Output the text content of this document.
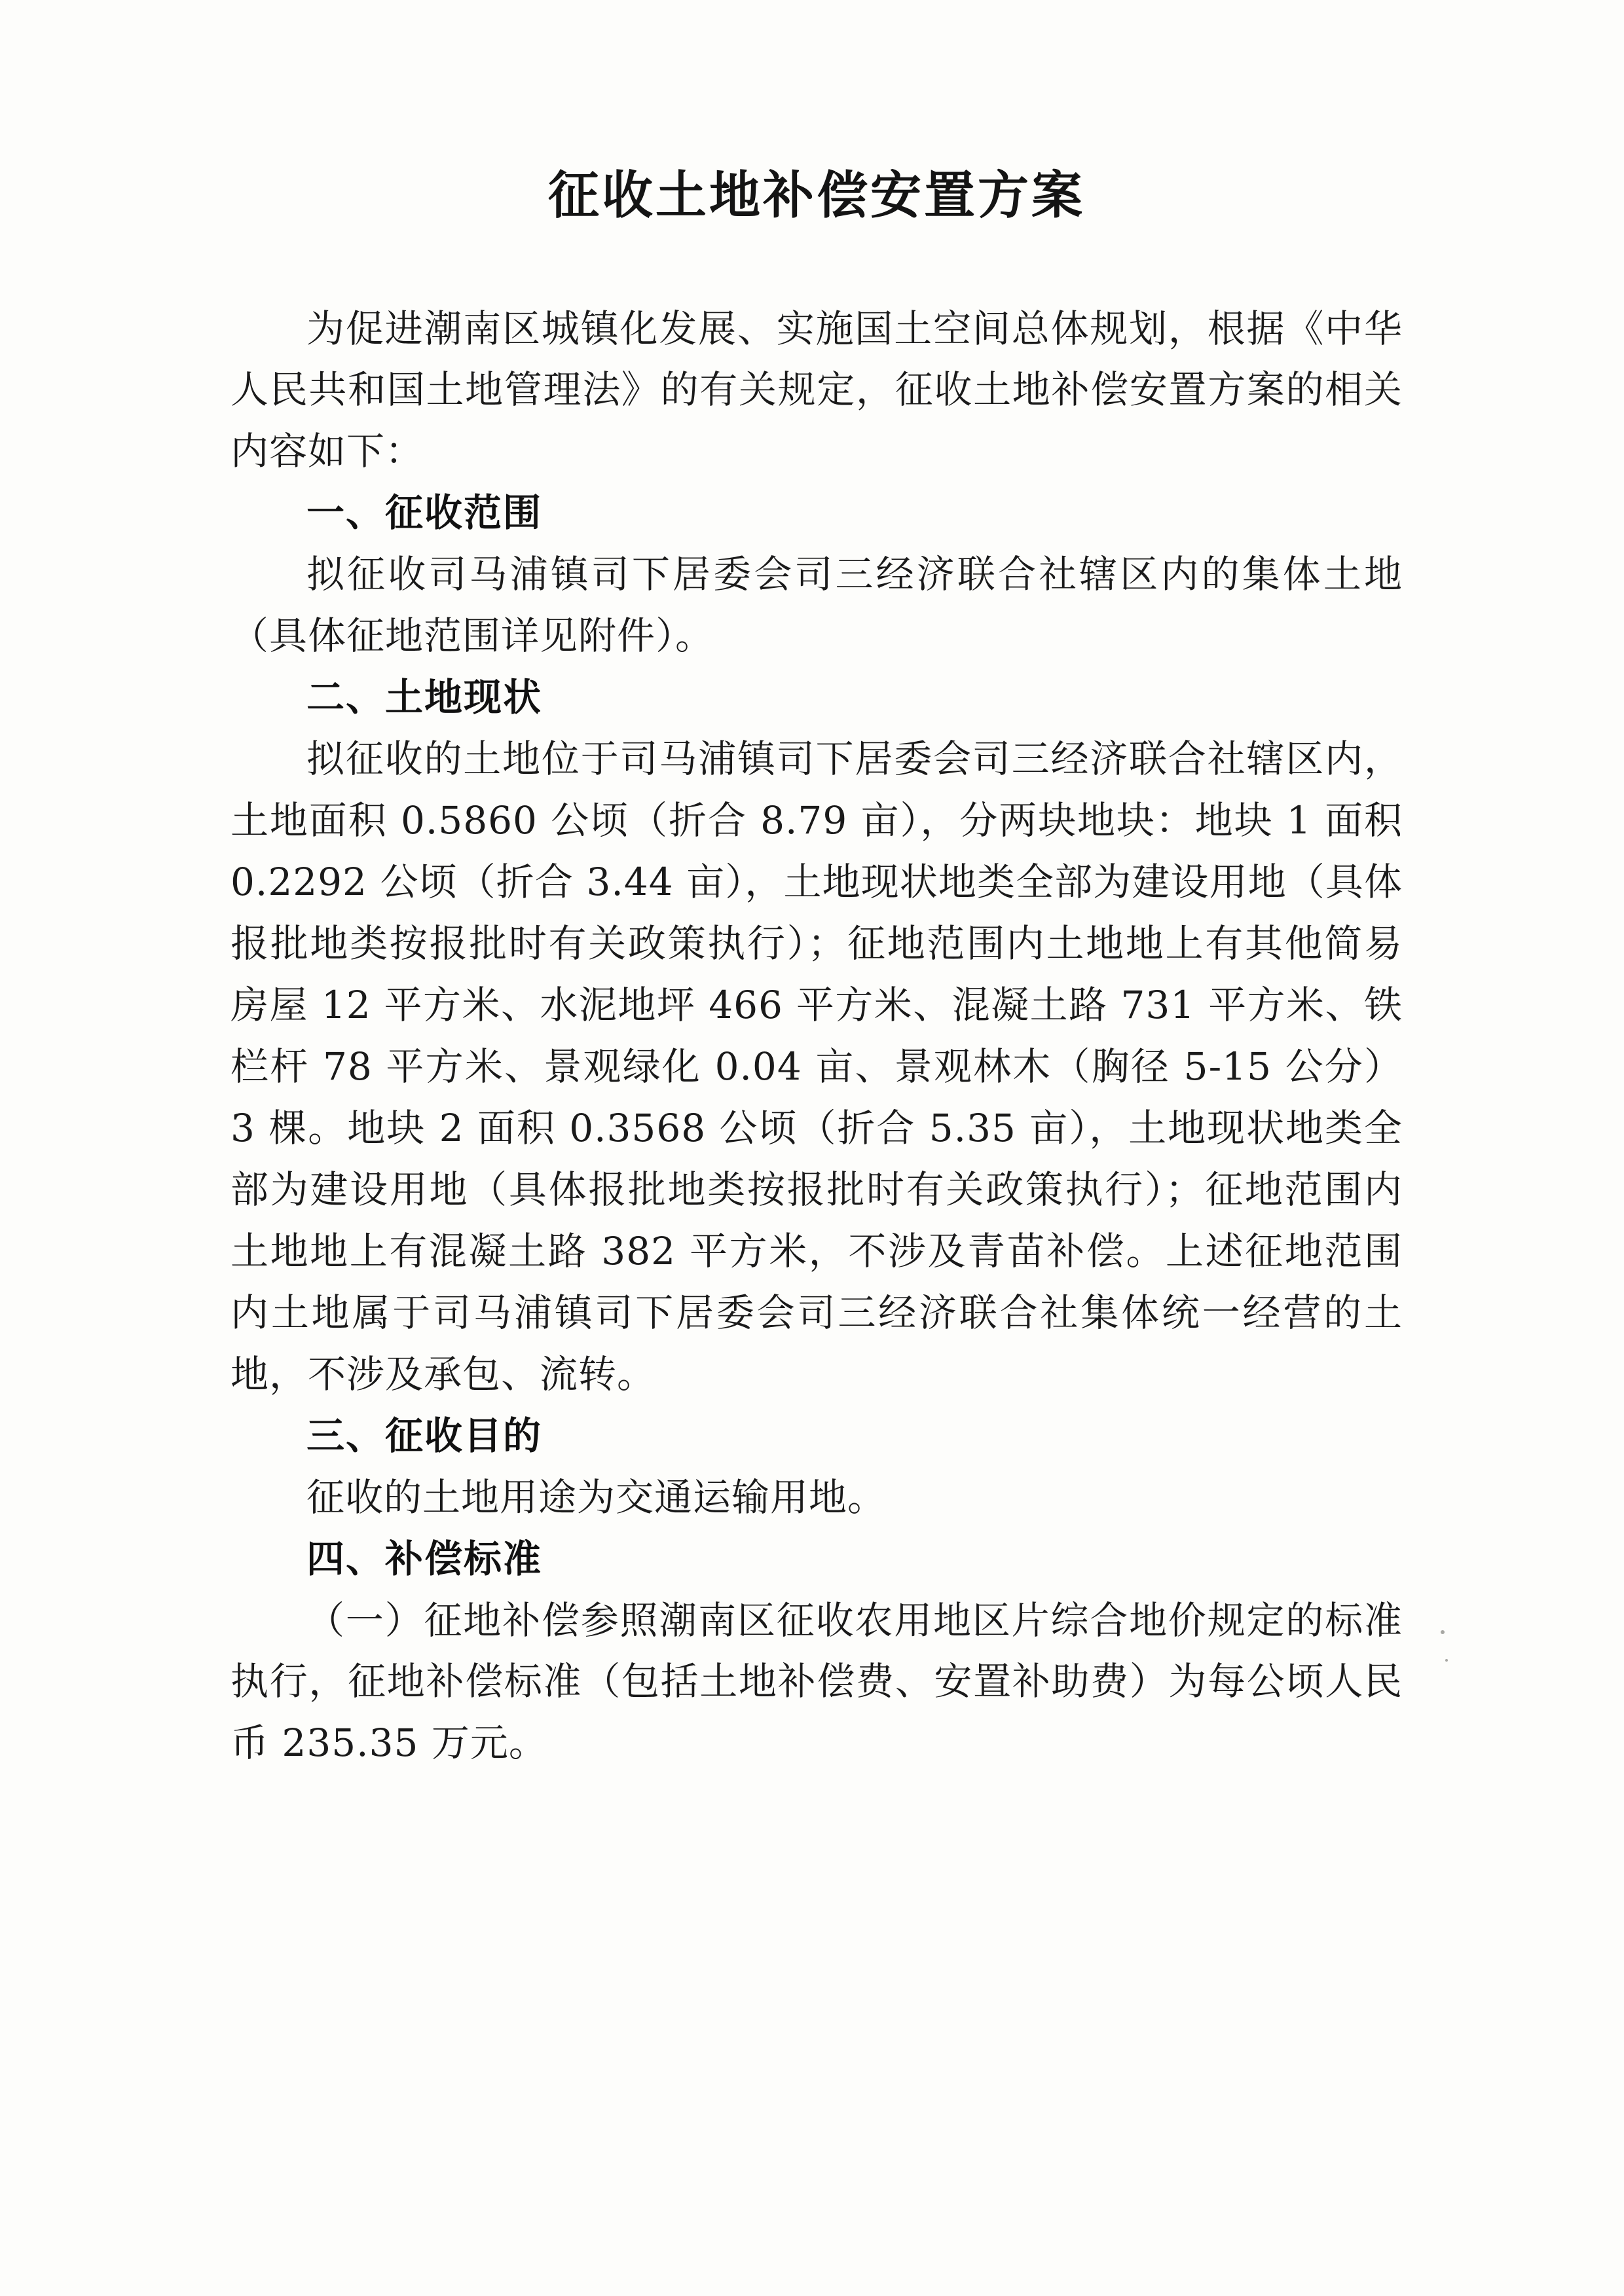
征收土地补偿安置方案

为促进潮南区城镇化发展、实施国土空间总体规划，根据《中华人民共和国土地管理法》的有关规定，征收土地补偿安置方案的相关内容如下：

一、征收范围

拟征收司马浦镇司下居委会司三经济联合社辖区内的集体土地（具体征地范围详见附件）。

二、土地现状

拟征收的土地位于司马浦镇司下居委会司三经济联合社辖区内，土地面积 0.5860 公顷（折合 8.79 亩），分两块地块：地块 1 面积 0.2292 公顷（折合 3.44 亩），土地现状地类全部为建设用地（具体报批地类按报批时有关政策执行）；征地范围内土地地上有其他简易房屋 12 平方米、水泥地坪 466 平方米、混凝土路 731 平方米、铁栏杆 78 平方米、景观绿化 0.04 亩、景观林木（胸径 5-15 公分）3 棵。地块 2 面积 0.3568 公顷（折合 5.35 亩），土地现状地类全部为建设用地（具体报批地类按报批时有关政策执行）；征地范围内土地地上有混凝土路 382 平方米，不涉及青苗补偿。上述征地范围内土地属于司马浦镇司下居委会司三经济联合社集体统一经营的土地，不涉及承包、流转。

三、征收目的

征收的土地用途为交通运输用地。

四、补偿标准

（一）征地补偿参照潮南区征收农用地区片综合地价规定的标准执行，征地补偿标准（包括土地补偿费、安置补助费）为每公顷人民币 235.35 万元。
